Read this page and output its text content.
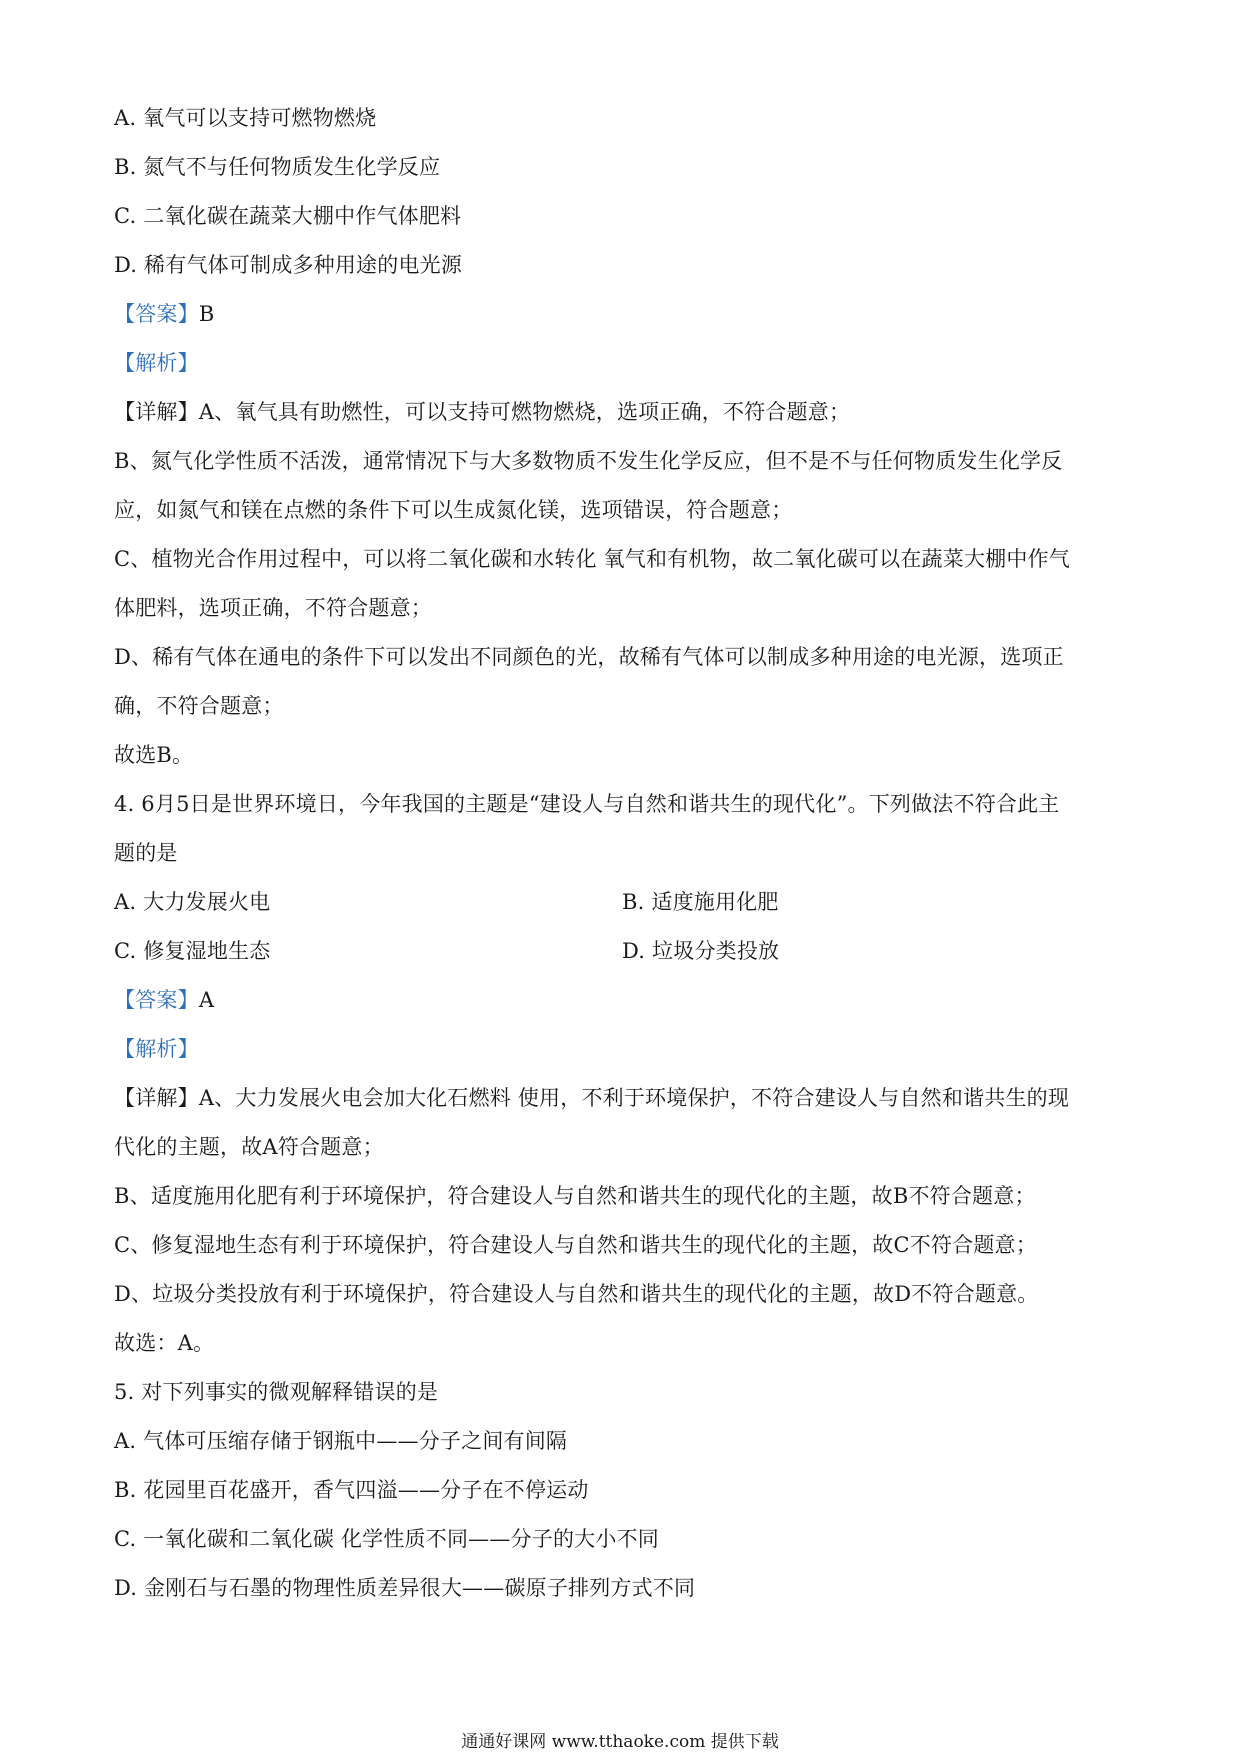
A. 氧气可以支持可燃物燃烧
B. 氮气不与任何物质发生化学反应
C. 二氧化碳在蔬菜大棚中作气体肥料
D. 稀有气体可制成多种用途的电光源
【答案】B
【解析】
【详解】A、氧气具有助燃性，可以支持可燃物燃烧，选项正确，不符合题意；
B、氮气化学性质不活泼，通常情况下与大多数物质不发生化学反应，但不是不与任何物质发生化学反
应，如氮气和镁在点燃的条件下可以生成氮化镁，选项错误，符合题意；
C、植物光合作用过程中，可以将二氧化碳和水转化 氧气和有机物，故二氧化碳可以在蔬菜大棚中作气
体肥料，选项正确，不符合题意；
D、稀有气体在通电的条件下可以发出不同颜色的光，故稀有气体可以制成多种用途的电光源，选项正
确，不符合题意；
故选B。
4. 6月5日是世界环境日，今年我国的主题是“建设人与自然和谐共生的现代化”。下列做法不符合此主
题的是
A. 大力发展火电	B. 适度施用化肥
C. 修复湿地生态	D. 垃圾分类投放
【答案】A
【解析】
【详解】A、大力发展火电会加大化石燃料 使用，不利于环境保护，不符合建设人与自然和谐共生的现
代化的主题，故A符合题意；
B、适度施用化肥有利于环境保护，符合建设人与自然和谐共生的现代化的主题，故B不符合题意；
C、修复湿地生态有利于环境保护，符合建设人与自然和谐共生的现代化的主题，故C不符合题意；
D、垃圾分类投放有利于环境保护，符合建设人与自然和谐共生的现代化的主题，故D不符合题意。
故选：A。
5. 对下列事实的微观解释错误的是
A. 气体可压缩存储于钢瓶中——分子之间有间隔
B. 花园里百花盛开，香气四溢——分子在不停运动
C. 一氧化碳和二氧化碳 化学性质不同——分子的大小不同
D. 金刚石与石墨的物理性质差异很大——碳原子排列方式不同
通通好课网 www.tthaoke.com 提供下载
